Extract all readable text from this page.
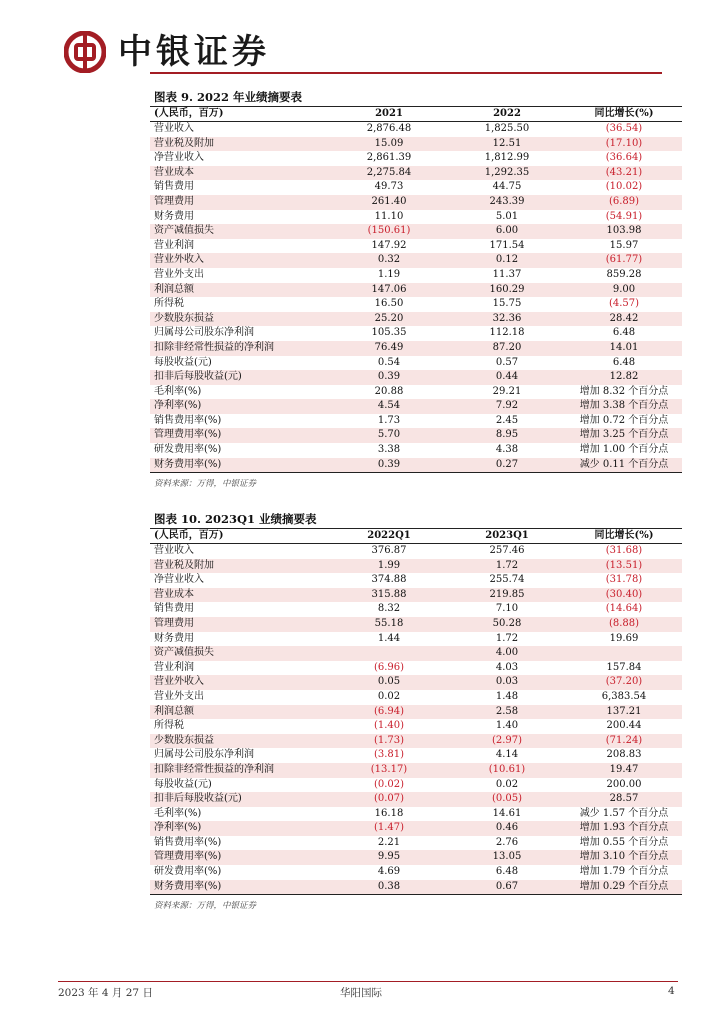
中银证券
图表 9. 2022 年业绩摘要表
(人民币，百万)	2021	2022	同比增长(%)
营业收入	2,876.48	1,825.50	(36.54)
营业税及附加	15.09	12.51	(17.10)
净营业收入	2,861.39	1,812.99	(36.64)
营业成本	2,275.84	1,292.35	(43.21)
销售费用	49.73	44.75	(10.02)
管理费用	261.40	243.39	(6.89)
财务费用	11.10	5.01	(54.91)
资产减值损失	(150.61)	6.00	103.98
营业利润	147.92	171.54	15.97
营业外收入	0.32	0.12	(61.77)
营业外支出	1.19	11.37	859.28
利润总额	147.06	160.29	9.00
所得税	16.50	15.75	(4.57)
少数股东损益	25.20	32.36	28.42
归属母公司股东净利润	105.35	112.18	6.48
扣除非经常性损益的净利润	76.49	87.20	14.01
每股收益(元)	0.54	0.57	6.48
扣非后每股收益(元)	0.39	0.44	12.82
毛利率(%)	20.88	29.21	增加 8.32 个百分点
净利率(%)	4.54	7.92	增加 3.38 个百分点
销售费用率(%)	1.73	2.45	增加 0.72 个百分点
管理费用率(%)	5.70	8.95	增加 3.25 个百分点
研发费用率(%)	3.38	4.38	增加 1.00 个百分点
财务费用率(%)	0.39	0.27	减少 0.11 个百分点
资料来源：万得，中银证券
图表 10. 2023Q1 业绩摘要表
(人民币，百万)	2022Q1	2023Q1	同比增长(%)
营业收入	376.87	257.46	(31.68)
营业税及附加	1.99	1.72	(13.51)
净营业收入	374.88	255.74	(31.78)
营业成本	315.88	219.85	(30.40)
销售费用	8.32	7.10	(14.64)
管理费用	55.18	50.28	(8.88)
财务费用	1.44	1.72	19.69
资产减值损失		4.00	
营业利润	(6.96)	4.03	157.84
营业外收入	0.05	0.03	(37.20)
营业外支出	0.02	1.48	6,383.54
利润总额	(6.94)	2.58	137.21
所得税	(1.40)	1.40	200.44
少数股东损益	(1.73)	(2.97)	(71.24)
归属母公司股东净利润	(3.81)	4.14	208.83
扣除非经常性损益的净利润	(13.17)	(10.61)	19.47
每股收益(元)	(0.02)	0.02	200.00
扣非后每股收益(元)	(0.07)	(0.05)	28.57
毛利率(%)	16.18	14.61	减少 1.57 个百分点
净利率(%)	(1.47)	0.46	增加 1.93 个百分点
销售费用率(%)	2.21	2.76	增加 0.55 个百分点
管理费用率(%)	9.95	13.05	增加 3.10 个百分点
研发费用率(%)	4.69	6.48	增加 1.79 个百分点
财务费用率(%)	0.38	0.67	增加 0.29 个百分点
资料来源：万得，中银证券
2023 年 4 月 27 日	华阳国际	4
